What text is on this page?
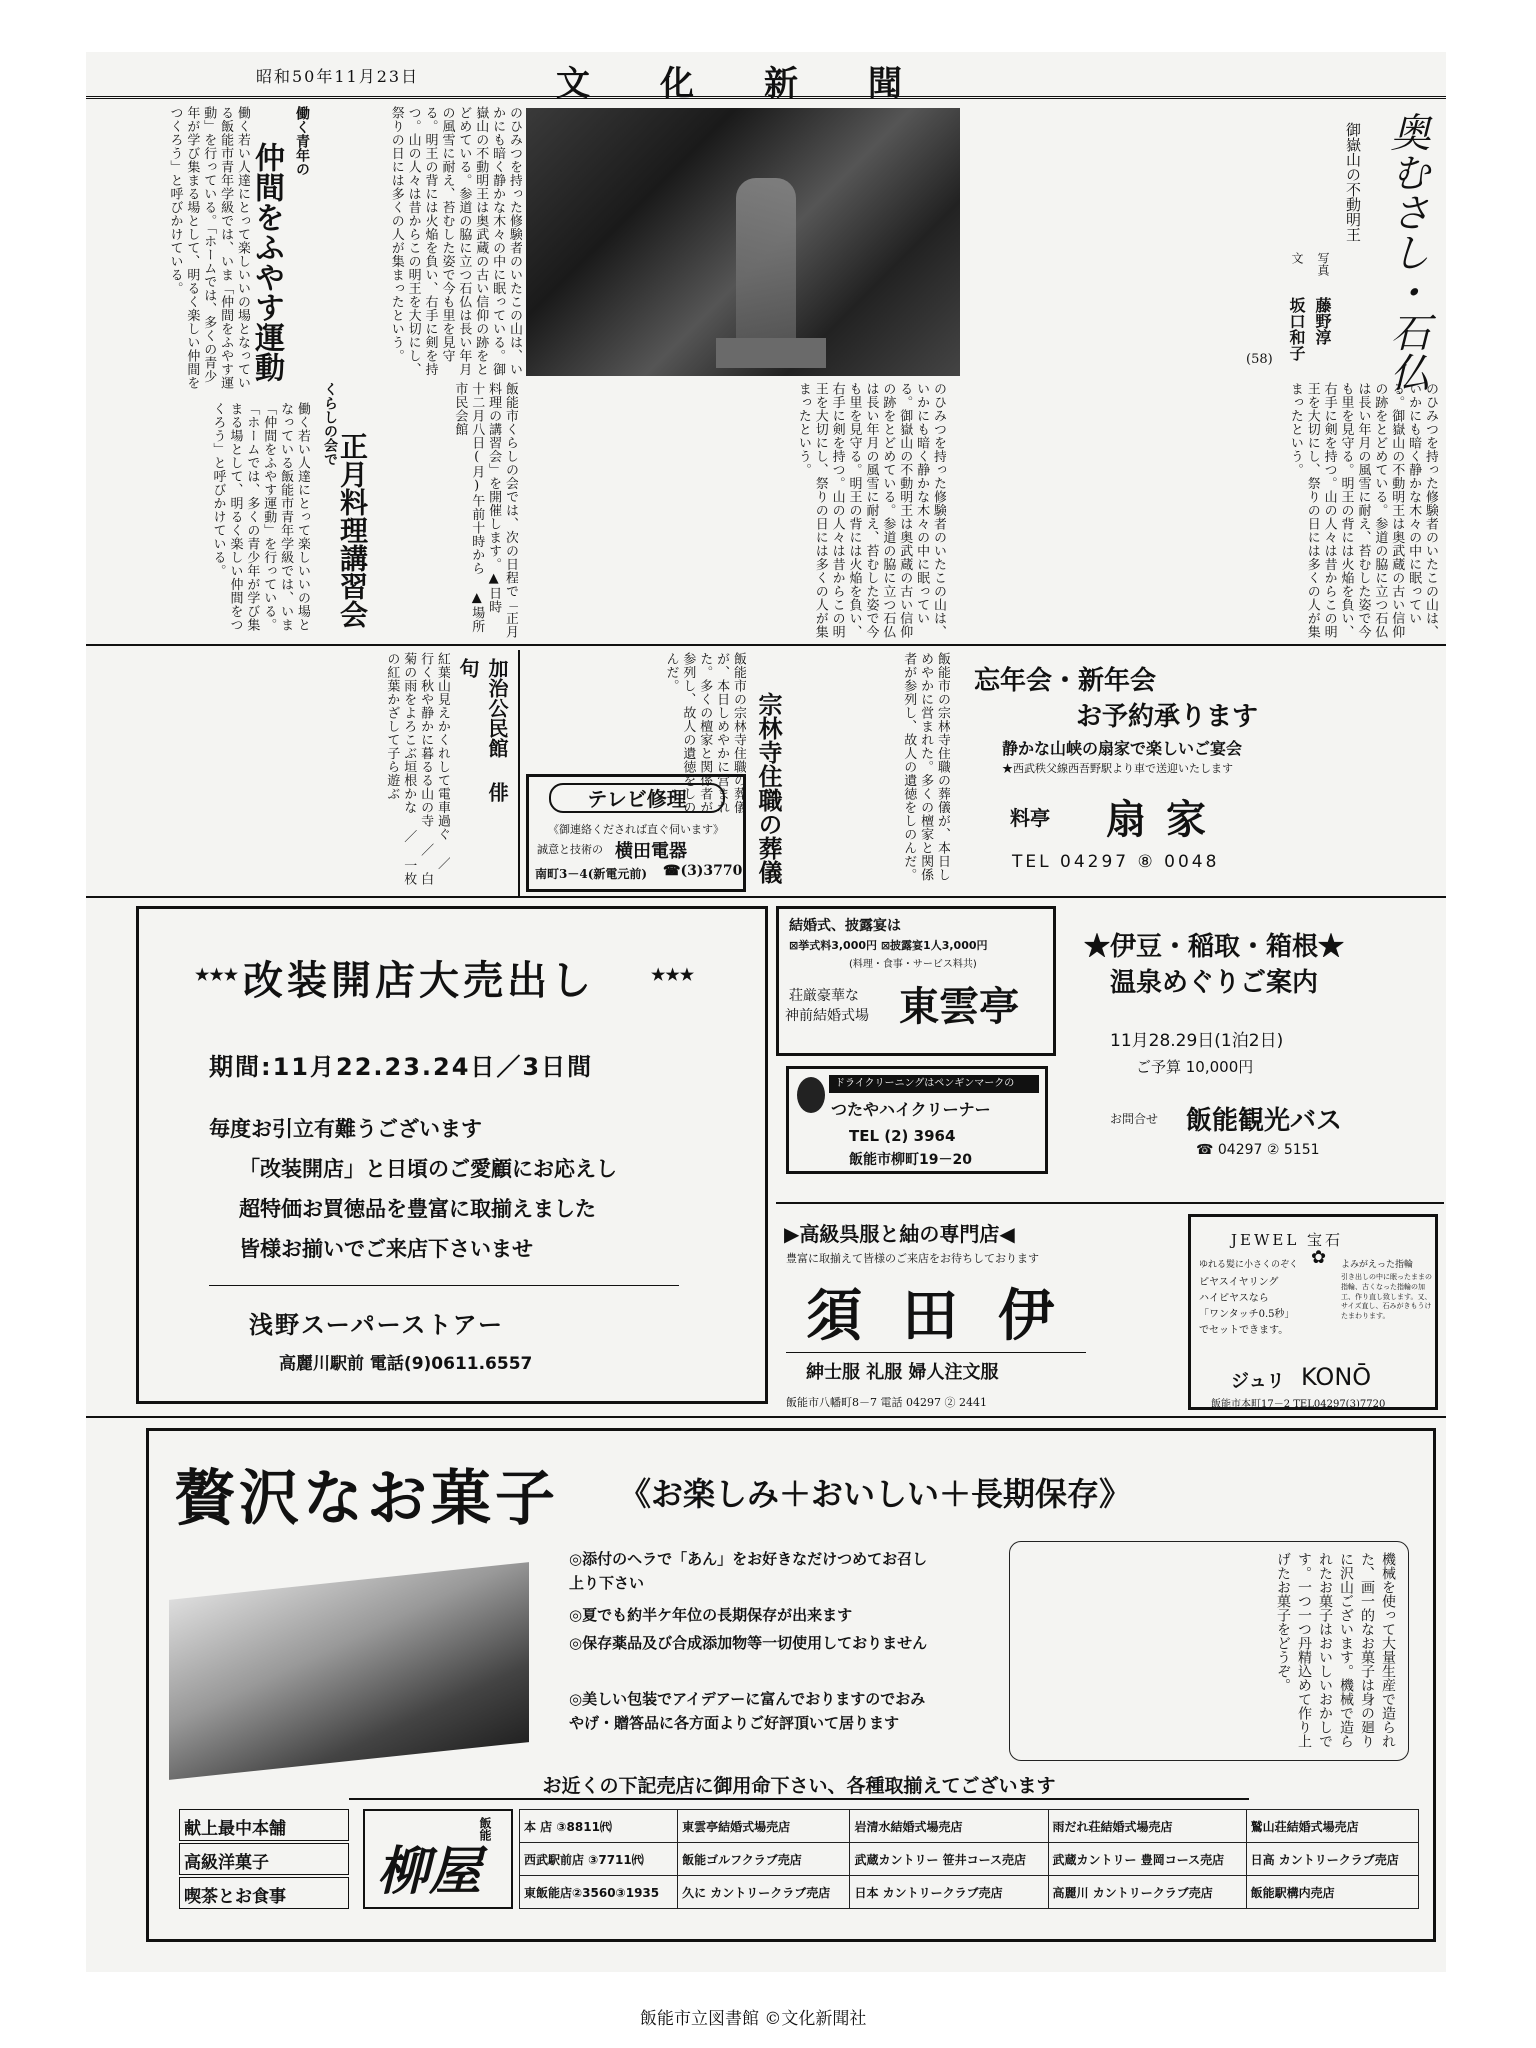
昭和50年11月23日	文化新聞
働く若い人達にとって楽しいいの場となっている飯能市青年学級では、いま「仲間をふやす運動」を行っている。「ホームでは、多くの青少年が学び集まる場として、明るく楽しい仲間をつくろう」と呼びかけている。	働く青年の
仲間をふやす運動
働く若い人達にとって楽しいいの場となっている飯能市青年学級では、いま「仲間をふやす運動」を行っている。「ホームでは、多くの青少年が学び集まる場として、明るく楽しい仲間をつくろう」と呼びかけている。	くらしの会で
正月料理講習会	飯能市くらしの会では、次の日程で「正月料理の講習会」を開催します。▲日時 十二月八日(月)午前十時から ▲場所 市民会館
のひみつを持った修験者のいたこの山は、いかにも暗く静かな木々の中に眠っている。御嶽山の不動明王は奥武蔵の古い信仰の跡をとどめている。参道の脇に立つ石仏は長い年月の風雪に耐え、苔むした姿で今も里を見守る。明王の背には火焔を負い、右手に剣を持つ。山の人々は昔からこの明王を大切にし、祭りの日には多くの人が集まったという。
のひみつを持った修験者のいたこの山は、いかにも暗く静かな木々の中に眠っている。御嶽山の不動明王は奥武蔵の古い信仰の跡をとどめている。参道の脇に立つ石仏は長い年月の風雪に耐え、苔むした姿で今も里を見守る。明王の背には火焔を負い、右手に剣を持つ。山の人々は昔からこの明王を大切にし、祭りの日には多くの人が集まったという。
奥むさし・石仏
御嶽山の不動明王
写真
藤野淳
文
坂口和子
(58)
のひみつを持った修験者のいたこの山は、いかにも暗く静かな木々の中に眠っている。御嶽山の不動明王は奥武蔵の古い信仰の跡をとどめている。参道の脇に立つ石仏は長い年月の風雪に耐え、苔むした姿で今も里を見守る。明王の背には火焔を負い、右手に剣を持つ。山の人々は昔からこの明王を大切にし、祭りの日には多くの人が集まったという。
紅葉山見えかくれして電車過ぐ ／ 行く秋や静かに暮るる山の寺 ／ 白菊の雨をよろこぶ垣根かな ／ 一枚の紅葉かざして子ら遊ぶ	加治公民館 俳句	飯能市の宗林寺住職の葬儀が、本日しめやかに営まれた。多くの檀家と関係者が参列し、故人の遺徳をしのんだ。
宗林寺住職の葬儀	飯能市の宗林寺住職の葬儀が、本日しめやかに営まれた。多くの檀家と関係者が参列し、故人の遺徳をしのんだ。
テレビ修理
《御連絡くだされば直ぐ伺います》
誠意と技術の 横田電器
南町3－4(新電元前) ☎(3)3770
忘年会・新年会
お予約承ります
静かな山峡の扇家で楽しいご宴会
★西武秩父線西吾野駅より車で送迎いたします
料亭 扇家
TEL 04297 ⑧ 0048
★★★ 改装開店大売出し	★★★
期間:11月22.23.24日／3日間
毎度お引立有難うございます
「改装開店」と日頃のご愛顧にお応えし
超特価お買徳品を豊富に取揃えました
皆様お揃いでご来店下さいませ
浅野スーパーストアー
高麗川駅前 電話(9)0611.6557
結婚式、披露宴は
⊠挙式料3,000円 ⊠披露宴1人3,000円
(料理・食事・サービス料共)
荘厳豪華な
神前結婚式場 東雲亭
ドライクリーニングはペンギンマークの
つたやハイクリーナー
TEL (2) 3964
飯能市柳町19－20
★伊豆・稲取・箱根★
温泉めぐりご案内
11月28.29日(1泊2日)
ご予算 10,000円
お問合せ 飯能観光バス
☎ 04297 ② 5151
▶高級呉服と紬の専門店◀
豊富に取揃えて皆様のご来店をお待ちしております
須田伊
紳士服 礼服 婦人注文服
飯能市八幡町8－7 電話 04297 ② 2441
JEWEL 宝石
ゆれる髪に小さくのぞく
ピヤスイヤリング
ハイピヤスなら
「ワンタッチ0.5秒」
でセットできます。
よみがえった指輪
引き出しの中に眠ったままの指輪、古くなった指輪の加工、作り直し致します。又、サイズ直し、石みがきもうけたまわります。
✿
ジュリ KONŌ
飯能市本町17－2 TEL04297(3)7720
贅沢なお菓子 《お楽しみ＋おいしい＋長期保存》
◎添付のヘラで「あん」をお好きなだけつめてお召し上り下さい
◎夏でも約半ケ年位の長期保存が出来ます
◎保存薬品及び合成添加物等一切使用しておりません
◎美しい包装でアイデアーに富んでおりますのでおみやげ・贈答品に各方面よりご好評頂いて居ります	機械を使って大量生産で造られた、画一的なお菓子は身の廻りに沢山ございます。機械で造られたお菓子はおいしいおかしです。一つ一つ丹精込めて作り上げたお菓子をどうぞ。
お近くの下記売店に御用命下さい、各種取揃えてございます
献上最中本舗
高級洋菓子
喫茶とお食事
飯能
柳屋
本 店 ③8811㈹	東雲亭結婚式場売店	岩清水結婚式場売店	雨だれ荘結婚式場売店	鷲山荘結婚式場売店
西武駅前店 ③7711㈹	飯能ゴルフクラブ売店	武蔵カントリー 笹井コース売店	武蔵カントリー 豊岡コース売店	日高 カントリークラブ売店
東飯能店②3560③1935	久に カントリークラブ売店	日本 カントリークラブ売店	高麗川 カントリークラブ売店	飯能駅構内売店
飯能市立図書館 ©文化新聞社
